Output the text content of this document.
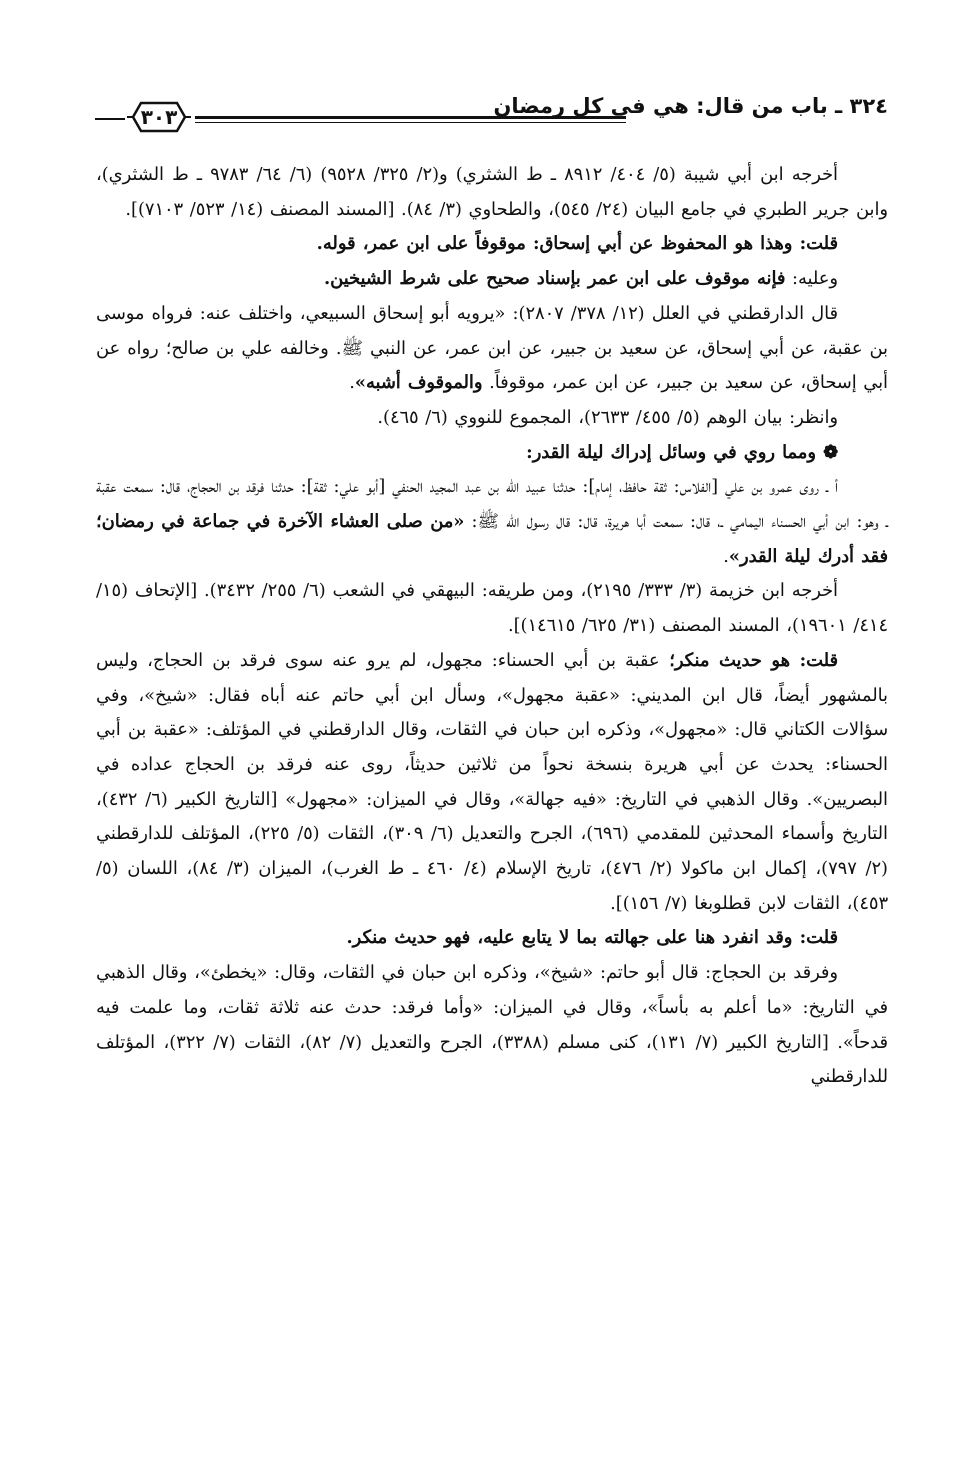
٣٢٤ ـ باب من قال: هي في كل رمضان
٣٠٣

أخرجه ابن أبي شيبة (٥/ ٤٠٤/ ٨٩١٢ ـ ط الشثري) و(٢/ ٣٢٥/ ٩٥٢٨) (٦/ ٦٤/ ٩٧٨٣ ـ ط الشثري)، وابن جرير الطبري في جامع البيان (٢٤/ ٥٤٥)، والطحاوي (٣/ ٨٤). [المسند المصنف (١٤/ ٥٢٣/ ٧١٠٣)].

قلت: وهذا هو المحفوظ عن أبي إسحاق: موقوفاً على ابن عمر، قوله.

وعليه: فإنه موقوف على ابن عمر بإسناد صحيح على شرط الشيخين.

قال الدارقطني في العلل (١٢/ ٣٧٨/ ٢٨٠٧): «يرويه أبو إسحاق السبيعي، واختلف عنه: فرواه موسى بن عقبة، عن أبي إسحاق، عن سعيد بن جبير، عن ابن عمر، عن النبي ﷺ. وخالفه علي بن صالح؛ رواه عن أبي إسحاق، عن سعيد بن جبير، عن ابن عمر، موقوفاً. والموقوف أشبه».

وانظر: بيان الوهم (٥/ ٤٥٥/ ٢٦٣٣)، المجموع للنووي (٦/ ٤٦٥).

❁ ومما روي في وسائل إدراك ليلة القدر:

أ ـ روى عمرو بن علي [الفلاس: ثقة حافظ، إمام]: حدثنا عبيد الله بن عبد المجيد الحنفي [أبو علي: ثقة]: حدثنا فرقد بن الحجاج، قال: سمعت عقبة ـ وهو: ابن أبي الحسناء اليمامي ـ، قال: سمعت أبا هريرة، قال: قال رسول الله ﷺ: «من صلى العشاء الآخرة في جماعة في رمضان؛ فقد أدرك ليلة القدر».

أخرجه ابن خزيمة (٣/ ٣٣٣/ ٢١٩٥)، ومن طريقه: البيهقي في الشعب (٦/ ٢٥٥/ ٣٤٣٢). [الإتحاف (١٥/ ٤١٤/ ١٩٦٠١)، المسند المصنف (٣١/ ٦٢٥/ ١٤٦١٥)].

قلت: هو حديث منكر؛ عقبة بن أبي الحسناء: مجهول، لم يرو عنه سوى فرقد بن الحجاج، وليس بالمشهور أيضاً، قال ابن المديني: «عقبة مجهول»، وسأل ابن أبي حاتم عنه أباه فقال: «شيخ»، وفي سؤالات الكتاني قال: «مجهول»، وذكره ابن حبان في الثقات، وقال الدارقطني في المؤتلف: «عقبة بن أبي الحسناء: يحدث عن أبي هريرة بنسخة نحواً من ثلاثين حديثاً، روى عنه فرقد بن الحجاج عداده في البصريين». وقال الذهبي في التاريخ: «فيه جهالة»، وقال في الميزان: «مجهول» [التاريخ الكبير (٦/ ٤٣٢)، التاريخ وأسماء المحدثين للمقدمي (٦٩٦)، الجرح والتعديل (٦/ ٣٠٩)، الثقات (٥/ ٢٢٥)، المؤتلف للدارقطني (٢/ ٧٩٧)، إكمال ابن ماكولا (٢/ ٤٧٦)، تاريخ الإسلام (٤/ ٤٦٠ ـ ط الغرب)، الميزان (٣/ ٨٤)، اللسان (٥/ ٤٥٣)، الثقات لابن قطلوبغا (٧/ ١٥٦)].

قلت: وقد انفرد هنا على جهالته بما لا يتابع عليه، فهو حديث منكر.

وفرقد بن الحجاج: قال أبو حاتم: «شيخ»، وذكره ابن حبان في الثقات، وقال: «يخطئ»، وقال الذهبي في التاريخ: «ما أعلم به بأساً»، وقال في الميزان: «وأما فرقد: حدث عنه ثلاثة ثقات، وما علمت فيه قدحاً». [التاريخ الكبير (٧/ ١٣١)، كنى مسلم (٣٣٨٨)، الجرح والتعديل (٧/ ٨٢)، الثقات (٧/ ٣٢٢)، المؤتلف للدارقطني
